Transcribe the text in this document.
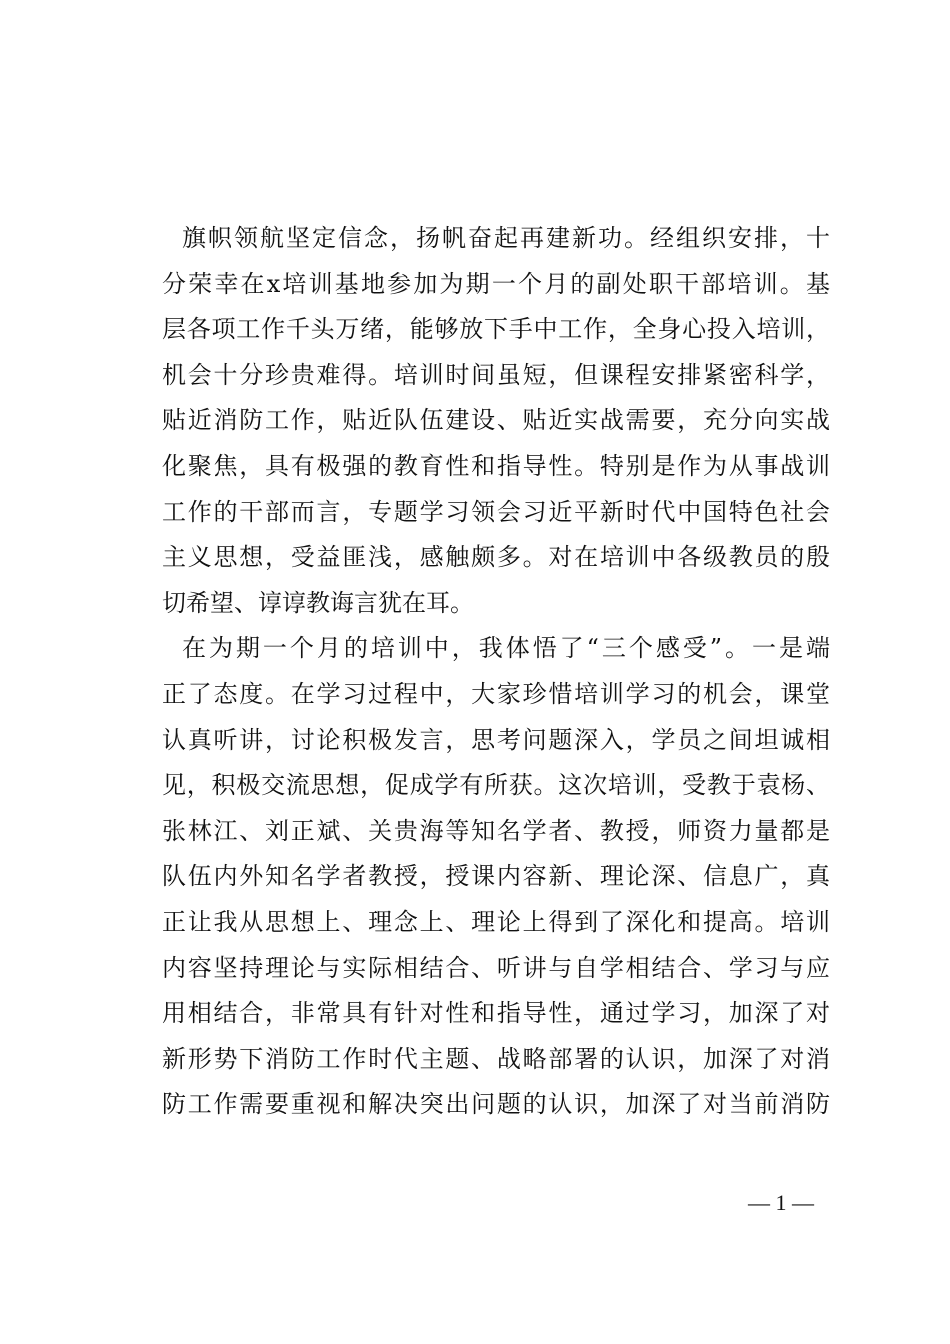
旗帜领航坚定信念，扬帆奋起再建新功。经组织安排，十
分荣幸在x培训基地参加为期一个月的副处职干部培训。基
层各项工作千头万绪，能够放下手中工作，全身心投入培训，
机会十分珍贵难得。培训时间虽短，但课程安排紧密科学，
贴近消防工作，贴近队伍建设、贴近实战需要，充分向实战
化聚焦，具有极强的教育性和指导性。特别是作为从事战训
工作的干部而言，专题学习领会习近平新时代中国特色社会
主义思想，受益匪浅，感触颇多。对在培训中各级教员的殷
切希望、谆谆教诲言犹在耳。
在为期一个月的培训中，我体悟了“三个感受”。一是端
正了态度。在学习过程中，大家珍惜培训学习的机会，课堂
认真听讲，讨论积极发言，思考问题深入，学员之间坦诚相
见，积极交流思想，促成学有所获。这次培训，受教于袁杨、
张林江、刘正斌、关贵海等知名学者、教授，师资力量都是
队伍内外知名学者教授，授课内容新、理论深、信息广，真
正让我从思想上、理念上、理论上得到了深化和提高。培训
内容坚持理论与实际相结合、听讲与自学相结合、学习与应
用相结合，非常具有针对性和指导性，通过学习，加深了对
新形势下消防工作时代主题、战略部署的认识，加深了对消
防工作需要重视和解决突出问题的认识，加深了对当前消防
— 1 —
